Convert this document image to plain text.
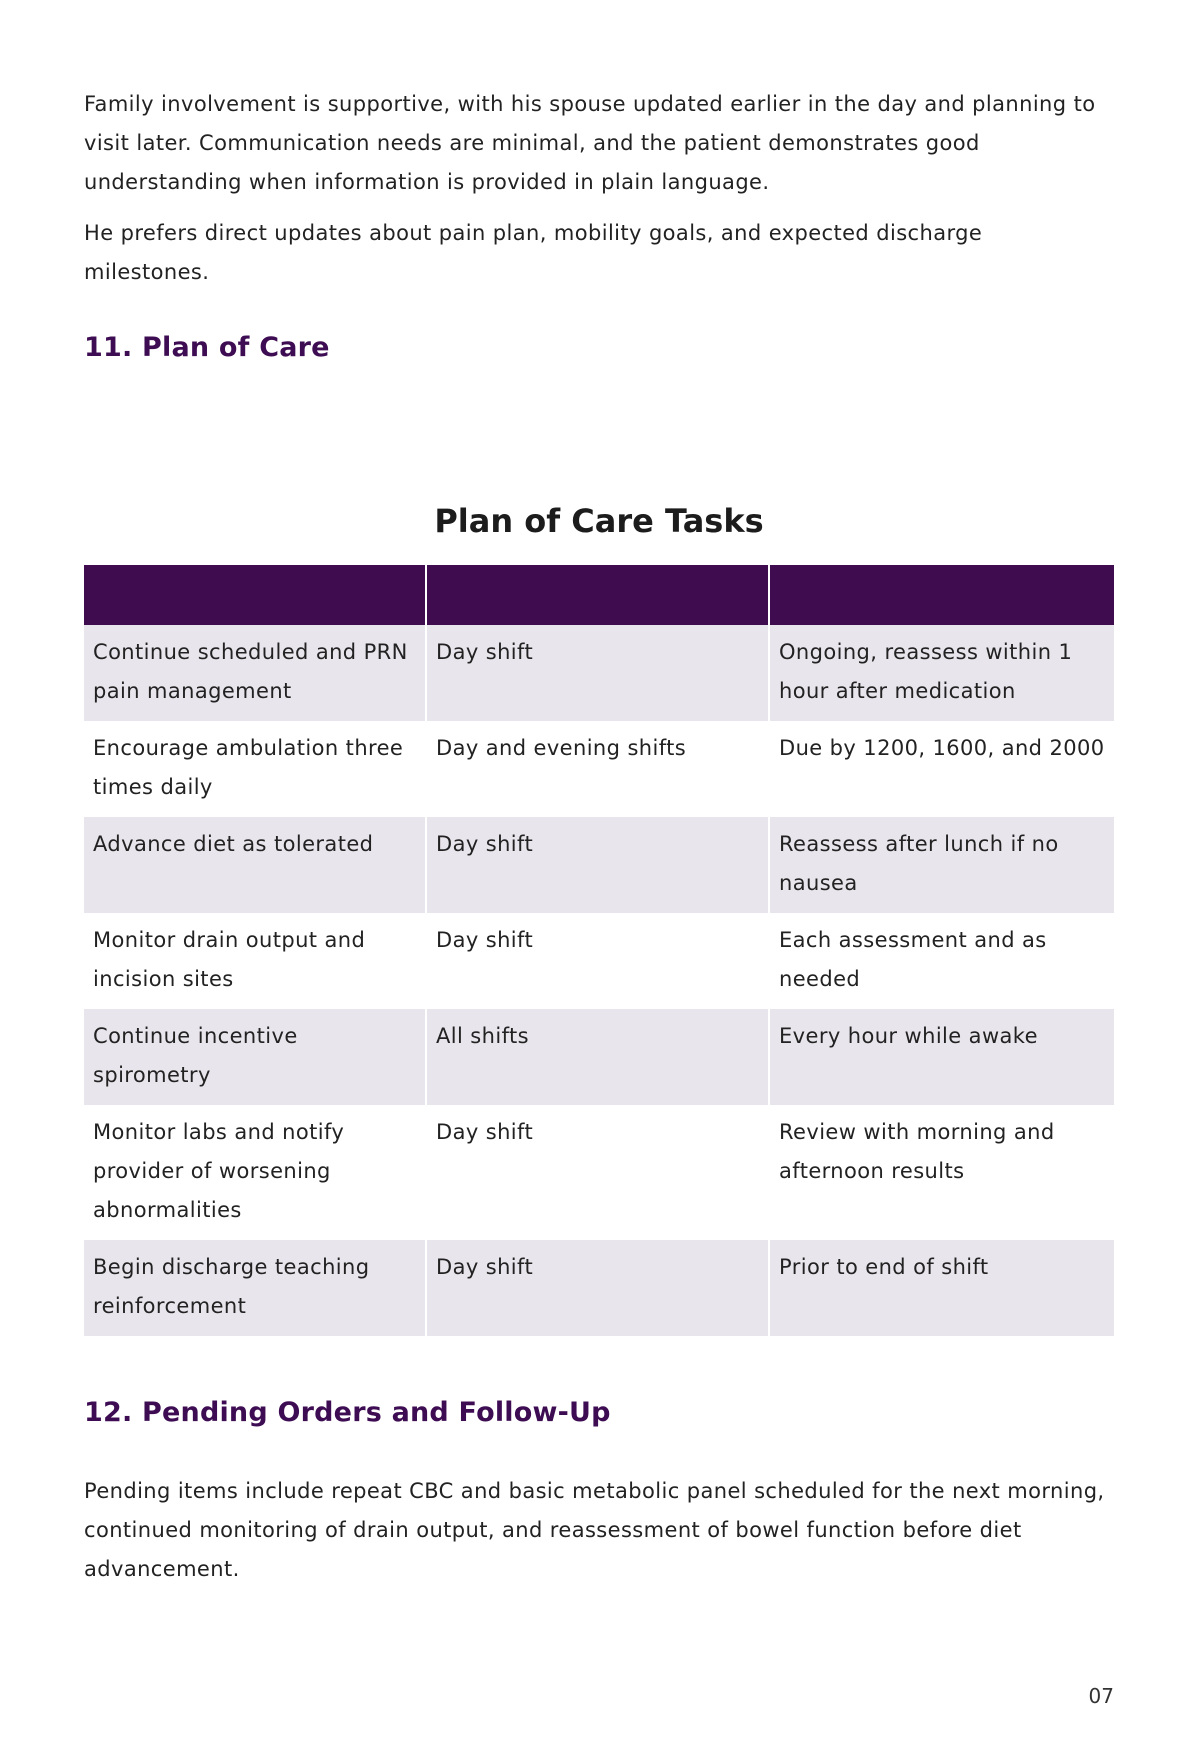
Family involvement is supportive, with his spouse updated earlier in the day and planning to visit later. Communication needs are minimal, and the patient demonstrates good understanding when information is provided in plain language.

He prefers direct updates about pain plan, mobility goals, and expected discharge milestones.

11. Plan of Care
Plan of Care Tasks

Continue scheduled and PRN pain management	Day shift	Ongoing, reassess within 1 hour after medication
Encourage ambulation three times daily	Day and evening shifts	Due by 1200, 1600, and 2000
Advance diet as tolerated	Day shift	Reassess after lunch if no nausea
Monitor drain output and incision sites	Day shift	Each assessment and as needed
Continue incentive spirometry	All shifts	Every hour while awake
Monitor labs and notify provider of worsening abnormalities	Day shift	Review with morning and afternoon results
Begin discharge teaching reinforcement	Day shift	Prior to end of shift
12. Pending Orders and Follow-Up

Pending items include repeat CBC and basic metabolic panel scheduled for the next morning, continued monitoring of drain output, and reassessment of bowel function before diet advancement.

07
